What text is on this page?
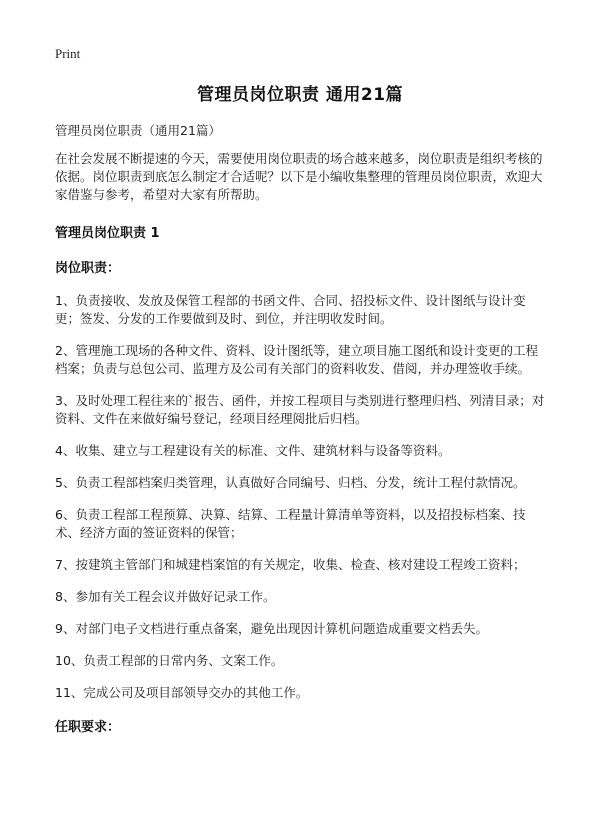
Print
管理员岗位职责 通用21篇
管理员岗位职责（通用21篇）

在社会发展不断提速的今天，需要使用岗位职责的场合越来越多，岗位职责是组织考核的依据。岗位职责到底怎么制定才合适呢？以下是小编收集整理的管理员岗位职责，欢迎大家借鉴与参考，希望对大家有所帮助。

管理员岗位职责 1
岗位职责：
1、负责接收、发放及保管工程部的书函文件、合同、招投标文件、设计图纸与设计变更；签发、分发的工作要做到及时、到位，并注明收发时间。
2、管理施工现场的各种文件、资料、设计图纸等，建立项目施工图纸和设计变更的工程档案；负责与总包公司、监理方及公司有关部门的资料收发、借阅，并办理签收手续。
3、及时处理工程往来的`报告、函件，并按工程项目与类别进行整理归档、列清目录；对资料、文件在来做好编号登记，经项目经理阅批后归档。
4、收集、建立与工程建设有关的标准、文件、建筑材料与设备等资料。
5、负责工程部档案归类管理，认真做好合同编号、归档、分发，统计工程付款情况。
6、负责工程部工程预算、决算、结算、工程量计算清单等资料，以及招投标档案、技术、经济方面的签证资料的保管；
7、按建筑主管部门和城建档案馆的有关规定，收集、检查、核对建设工程竣工资料；
8、参加有关工程会议并做好记录工作。
9、对部门电子文档进行重点备案，避免出现因计算机问题造成重要文档丢失。
10、负责工程部的日常内务、文案工作。
11、完成公司及项目部领导交办的其他工作。
任职要求：
